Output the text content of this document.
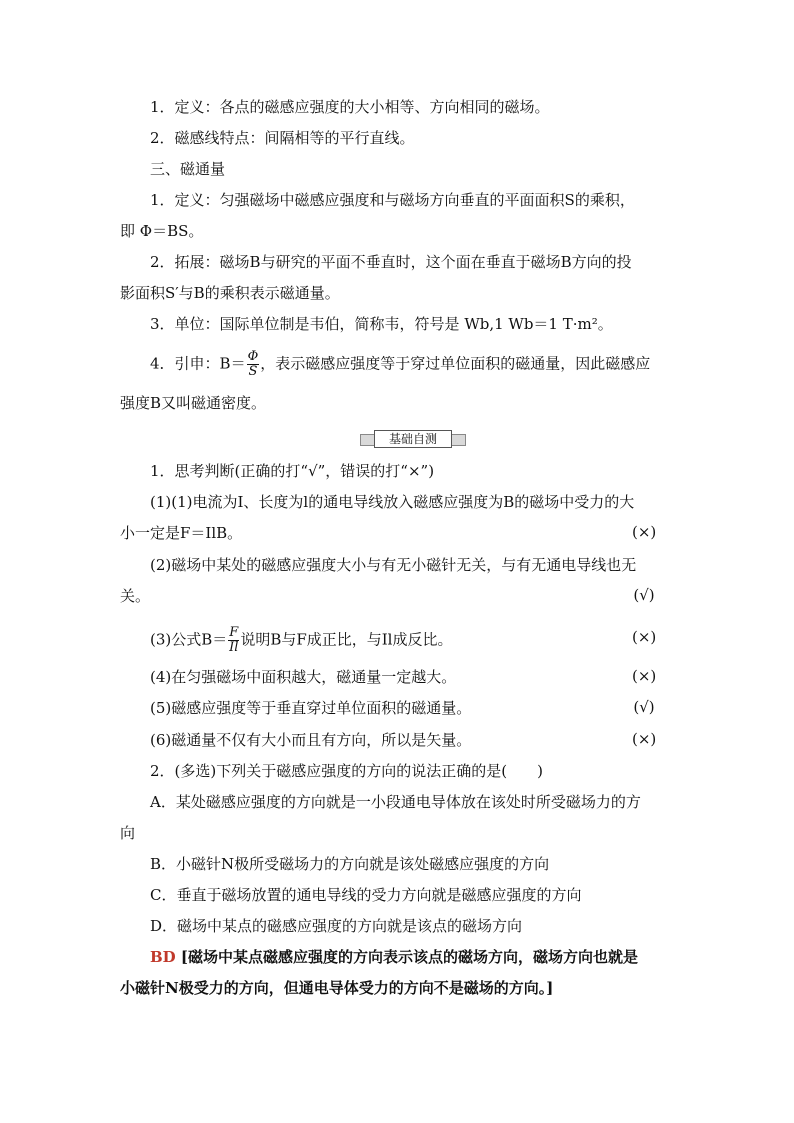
1．定义：各点的磁感应强度的大小相等、方向相同的磁场。
2．磁感线特点：间隔相等的平行直线。
三、磁通量
1．定义：匀强磁场中磁感应强度和与磁场方向垂直的平面面积S的乘积，
即 Φ＝BS。
2．拓展：磁场B与研究的平面不垂直时，这个面在垂直于磁场B方向的投
影面积S′与B的乘积表示磁通量。
3．单位：国际单位制是韦伯，简称韦，符号是 Wb,1 Wb＝1 T·m²。
4．引申：$B= \frac{\Phi}{S}$ ，表示磁感应强度等于穿过单位面积的磁通量，因此磁感应
强度B又叫磁通密度。
基础自测
1．思考判断(正确的打“√”，错误的打“×”)
(1)(1)电流为I、长度为l的通电导线放入磁感应强度为B的磁场中受力的大
小一定是F＝IlB。	(×)
(2)磁场中某处的磁感应强度大小与有无小磁针无关，与有无通电导线也无
关。	(√)
(3)公式$B= \frac{F}{Il}$ 说明B与F成正比，与Il成反比。	(×)
(4)在匀强磁场中面积越大，磁通量一定越大。	(×)
(5)磁感应强度等于垂直穿过单位面积的磁通量。	(√)
(6)磁通量不仅有大小而且有方向，所以是矢量。	(×)
2．(多选)下列关于磁感应强度的方向的说法正确的是(　　)
A．某处磁感应强度的方向就是一小段通电导体放在该处时所受磁场力的方
向
B．小磁针N极所受磁场力的方向就是该处磁感应强度的方向
C．垂直于磁场放置的通电导线的受力方向就是磁感应强度的方向
D．磁场中某点的磁感应强度的方向就是该点的磁场方向
BD [磁场中某点磁感应强度的方向表示该点的磁场方向，磁场方向也就是
小磁针N极受力的方向，但通电导体受力的方向不是磁场的方向。]
